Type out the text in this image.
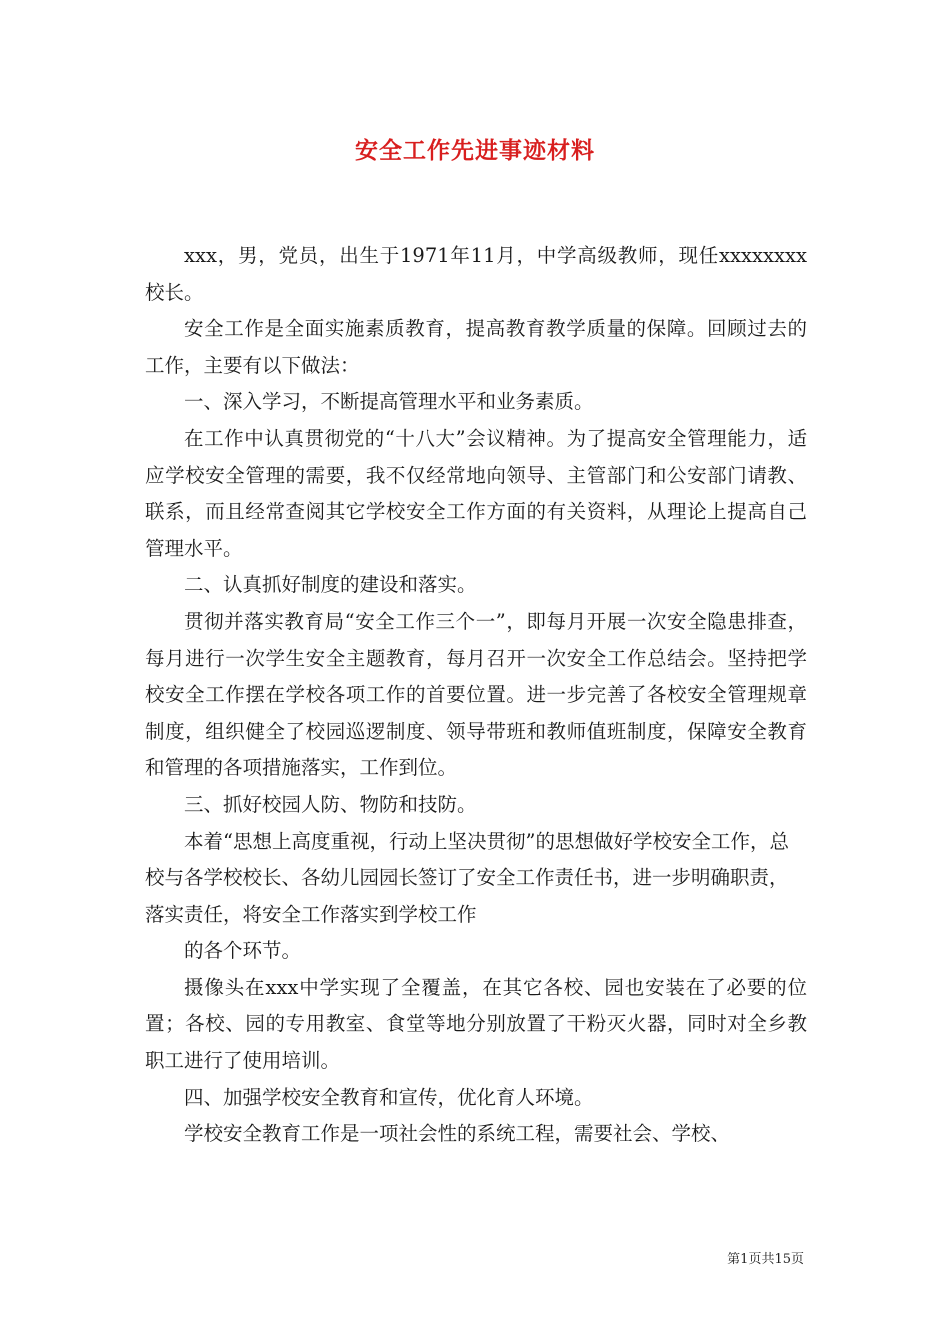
安全工作先进事迹材料

xxx，男，党员，出生于1971年11月，中学高级教师，现任xxxxxxxx校长。

安全工作是全面实施素质教育，提高教育教学质量的保障。回顾过去的工作，主要有以下做法：

一、深入学习，不断提高管理水平和业务素质。

在工作中认真贯彻党的“十八大”会议精神。为了提高安全管理能力，适应学校安全管理的需要，我不仅经常地向领导、主管部门和公安部门请教、联系，而且经常查阅其它学校安全工作方面的有关资料，从理论上提高自己管理水平。

二、认真抓好制度的建设和落实。

贯彻并落实教育局“安全工作三个一”，即每月开展一次安全隐患排查，每月进行一次学生安全主题教育，每月召开一次安全工作总结会。坚持把学校安全工作摆在学校各项工作的首要位置。进一步完善了各校安全管理规章制度，组织健全了校园巡逻制度、领导带班和教师值班制度，保障安全教育和管理的各项措施落实，工作到位。

三、抓好校园人防、物防和技防。

本着“思想上高度重视，行动上坚决贯彻”的思想做好学校安全工作，总校与各学校校长、各幼儿园园长签订了安全工作责任书，进一步明确职责，落实责任，将安全工作落实到学校工作

的各个环节。

摄像头在xxx中学实现了全覆盖，在其它各校、园也安装在了必要的位置；各校、园的专用教室、食堂等地分别放置了干粉灭火器，同时对全乡教职工进行了使用培训。

四、加强学校安全教育和宣传，优化育人环境。

学校安全教育工作是一项社会性的系统工程，需要社会、学校、

第1页共15页
